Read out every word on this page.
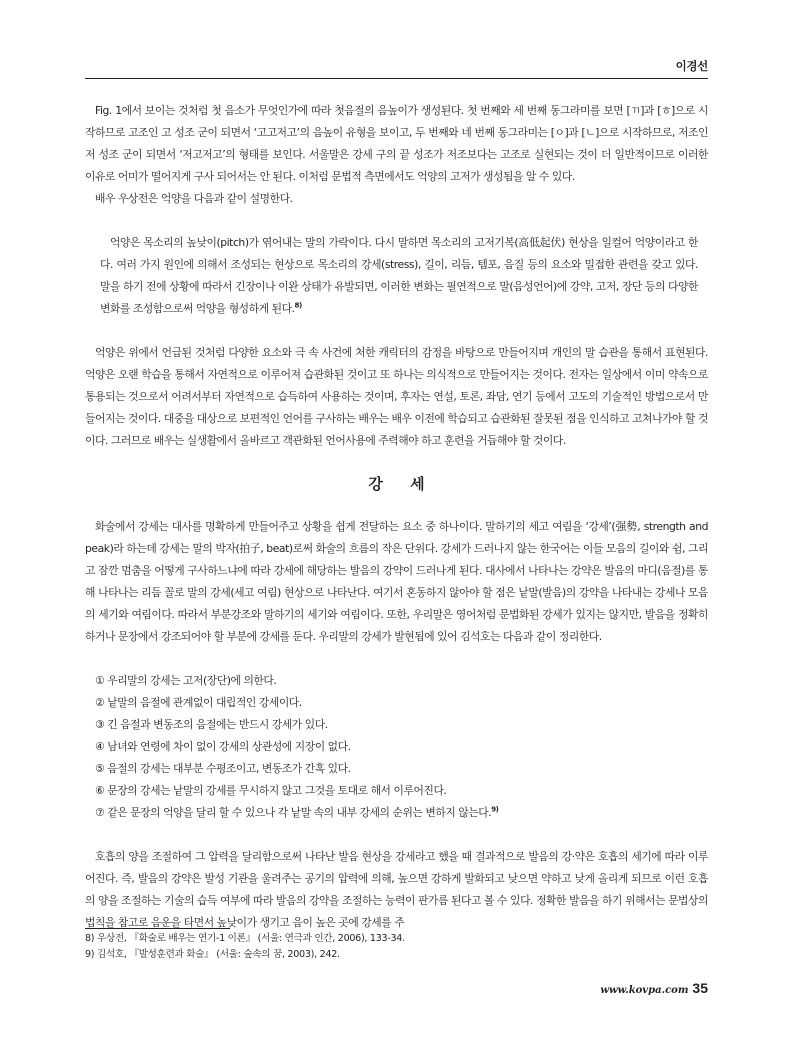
이경선

Fig. 1에서 보이는 것처럼 첫 음소가 무엇인가에 따라 첫음절의 음높이가 생성된다. 첫 번째와 세 번째 동그라미를 보면 [ㄲ]과 [ㅎ]으로 시작하므로 고조인 고 성조 군이 되면서 ‘고고저고’의 음높이 유형을 보이고, 두 번째와 네 번째 동그라미는 [ㅇ]과 [ㄴ]으로 시작하므로, 저조인 저 성조 군이 되면서 ‘저고저고’의 형태를 보인다. 서울말은 강세 구의 끝 성조가 저조보다는 고조로 실현되는 것이 더 일반적이므로 이러한 이유로 어미가 떨어지게 구사 되어서는 안 된다. 이처럼 문법적 측면에서도 억양의 고저가 생성됨을 알 수 있다.

배우 우상전은 억양을 다음과 같이 설명한다.

억양은 목소리의 높낮이(pitch)가 엮어내는 말의 가락이다. 다시 말하면 목소리의 고저기복(高低起伏) 현상을 일컬어 억양이라고 한다. 여러 가지 원인에 의해서 조성되는 현상으로 목소리의 강세(stress), 길이, 리듬, 템포, 음질 등의 요소와 밀접한 관련을 갖고 있다. 말을 하기 전에 상황에 따라서 긴장이나 이완 상태가 유발되면, 이러한 변화는 필연적으로 말(음성언어)에 강약, 고저, 장단 등의 다양한 변화를 조성함으로써 억양을 형성하게 된다.$^{8)}$

억양은 위에서 언급된 것처럼 다양한 요소와 극 속 사건에 처한 캐릭터의 감정을 바탕으로 만들어지며 개인의 말 습관을 통해서 표현된다. 억양은 오랜 학습을 통해서 자연적으로 이루어져 습관화된 것이고 또 하나는 의식적으로 만들어지는 것이다. 전자는 일상에서 이미 약속으로 통용되는 것으로서 어려서부터 자연적으로 습득하여 사용하는 것이며, 후자는 연설, 토론, 좌담, 연기 등에서 고도의 기술적인 방법으로서 만들어지는 것이다. 대중을 대상으로 보편적인 언어를 구사하는 배우는 배우 이전에 학습되고 습관화된 잘못된 점을 인식하고 고쳐나가야 할 것이다. 그러므로 배우는 실생활에서 올바르고 객관화된 언어사용에 주력해야 하고 훈련을 거듭해야 할 것이다.

강 세

화술에서 강세는 대사를 명확하게 만들어주고 상황을 쉽게 전달하는 요소 중 하나이다. 말하기의 세고 여림을 ‘강세’(强勢, strength and peak)라 하는데 강세는 말의 박자(拍子, beat)로써 화술의 흐름의 작은 단위다. 강세가 드러나지 않는 한국어는 이들 모음의 길이와 쉼, 그리고 잠깐 멈춤을 어떻게 구사하느냐에 따라 강세에 해당하는 발음의 강약이 드러나게 된다. 대사에서 나타나는 강약은 발음의 마디(음절)를 통해 나타나는 리듬 꼴로 말의 강세(세고 여림) 현상으로 나타난다. 여기서 혼동하지 않아야 할 점은 낱말(발음)의 강약을 나타내는 강세나 모음의 세기와 여림이다. 따라서 부분강조와 말하기의 세기와 여림이다. 또한, 우리말은 영어처럼 문법화된 강세가 있지는 않지만, 발음을 정확히 하거나 문장에서 강조되어야 할 부분에 강세를 둔다. 우리말의 강세가 발현됨에 있어 김석호는 다음과 같이 정리한다.

① 우리말의 강세는 고저(장단)에 의한다.
② 낱말의 음절에 관계없이 대립적인 강세이다.
③ 긴 음절과 변동조의 음절에는 반드시 강세가 있다.
④ 남녀와 연령에 차이 없이 강세의 상관성에 지장이 없다.
⑤ 음절의 강세는 대부분 수평조이고, 변동조가 간혹 있다.
⑥ 문장의 강세는 낱말의 강세를 무시하지 않고 그것을 토대로 해서 이루어진다.
⑦ 같은 문장의 억양을 달리 할 수 있으나 각 낱말 속의 내부 강세의 순위는 변하지 않는다.$^{9)}$

호흡의 양을 조절하여 그 압력을 달리함으로써 나타난 발음 현상을 강세라고 했을 때 결과적으로 발음의 강·약은 호흡의 세기에 따라 이루어진다. 즉, 발음의 강약은 발성 기관을 울려주는 공기의 압력에 의해, 높으면 강하게 발화되고 낮으면 약하고 낮게 올리게 되므로 이런 호흡의 양을 조절하는 기술의 습득 여부에 따라 발음의 강약을 조절하는 능력이 판가름 된다고 볼 수 있다. 정확한 발음을 하기 위해서는 문법상의 법칙을 참고로 음운을 타면서 높낮이가 생기고 음이 높은 곳에 강세를 주

8) 우상전, 『화술로 배우는 연기-1 이론』 (서울: 연극과 인간, 2006), 133-34.
9) 김석호, 『발성훈련과 화술』 (서울: 숲속의 꿈, 2003), 242.
www.kovpa.com 35
